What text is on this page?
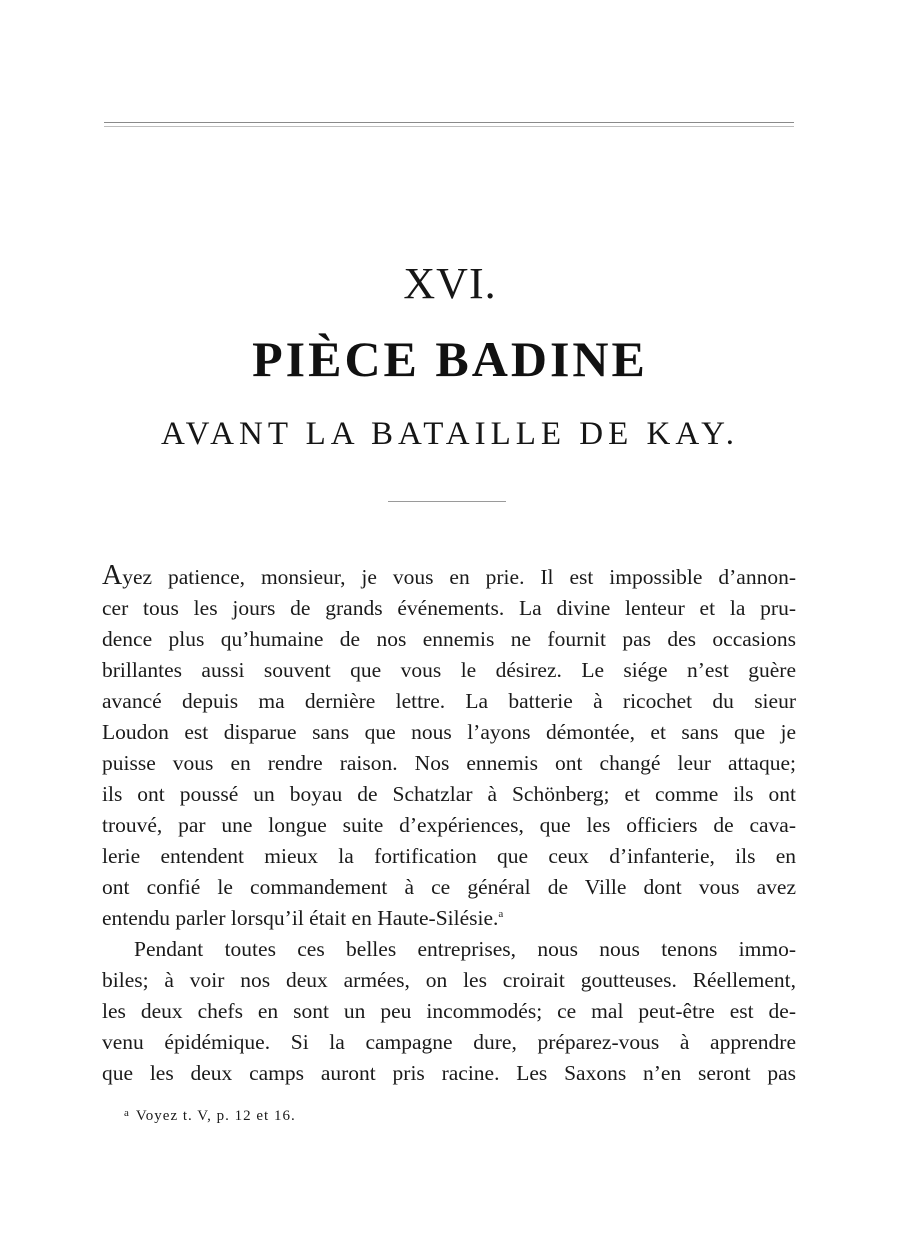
XVI.
PIÈCE BADINE
AVANT LA BATAILLE DE KAY.
Ayez patience, monsieur, je vous en prie. Il est impossible d’annon-
cer tous les jours de grands événements. La divine lenteur et la pru-
dence plus qu’humaine de nos ennemis ne fournit pas des occasions
brillantes aussi souvent que vous le désirez. Le siége n’est guère
avancé depuis ma dernière lettre. La batterie à ricochet du sieur
Loudon est disparue sans que nous l’ayons démontée, et sans que je
puisse vous en rendre raison. Nos ennemis ont changé leur attaque;
ils ont poussé un boyau de Schatzlar à Schönberg; et comme ils ont
trouvé, par une longue suite d’expériences, que les officiers de cava-
lerie entendent mieux la fortification que ceux d’infanterie, ils en
ont confié le commandement à ce général de Ville dont vous avez
entendu parler lorsqu’il était en Haute-Silésie.$^a$
Pendant toutes ces belles entreprises, nous nous tenons immo-
biles; à voir nos deux armées, on les croirait goutteuses. Réellement,
les deux chefs en sont un peu incommodés; ce mal peut-être est de-
venu épidémique. Si la campagne dure, préparez-vous à apprendre
que les deux camps auront pris racine. Les Saxons n’en seront pas
$^a$ Voyez t. V, p. 12 et 16.
